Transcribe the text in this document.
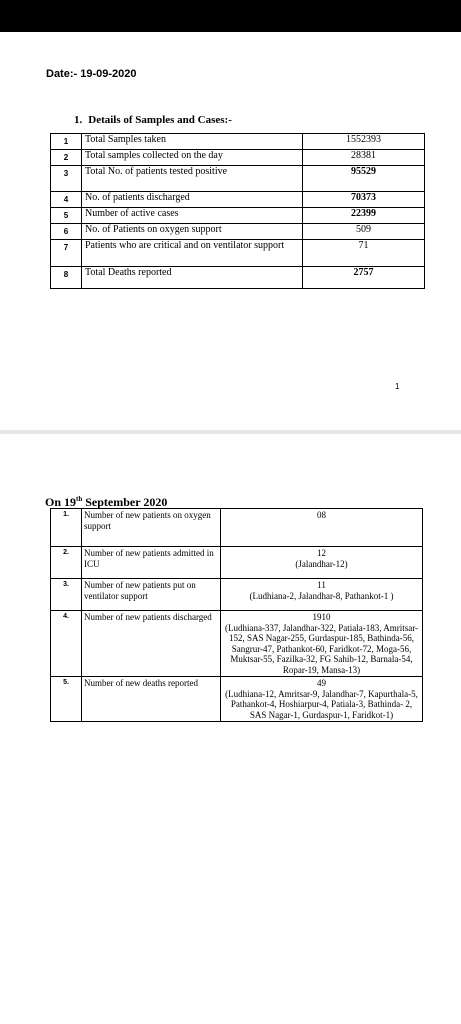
Date:- 19-09-2020
1. Details of Samples and Cases:-
1	Total Samples taken	1552393
2	Total samples collected on the day	28381
3	Total No. of patients tested positive	95529
4	No. of patients discharged	70373
5	Number of active cases	22399
6	No. of Patients on oxygen support	509
7	Patients who are critical and on ventilator support	71
8	Total Deaths reported	2757
1
On 19th September 2020
1.	Number of new patients on oxygen support	08

2.	Number of new patients admitted in ICU	12
(Jalandhar-12)

3.	Number of new patients put on ventilator support	11
(Ludhiana-2, Jalandhar-8, Pathankot-1 )

4.	Number of new patients discharged	1910
(Ludhiana-337, Jalandhar-322, Patiala-183, Amritsar-152, SAS Nagar-255, Gurdaspur-185, Bathinda-56, Sangrur-47, Pathankot-60, Faridkot-72, Moga-56, Muktsar-55, Fazilka-32, FG Sahib-12, Barnala-54, Ropar-19, Mansa-13)

5.	Number of new deaths reported	49
(Ludhiana-12, Amritsar-9, Jalandhar-7, Kapurthala-5, Pathankot-4, Hoshiarpur-4, Patiala-3, Bathinda- 2, SAS Nagar-1, Gurdaspur-1, Faridkot-1)
